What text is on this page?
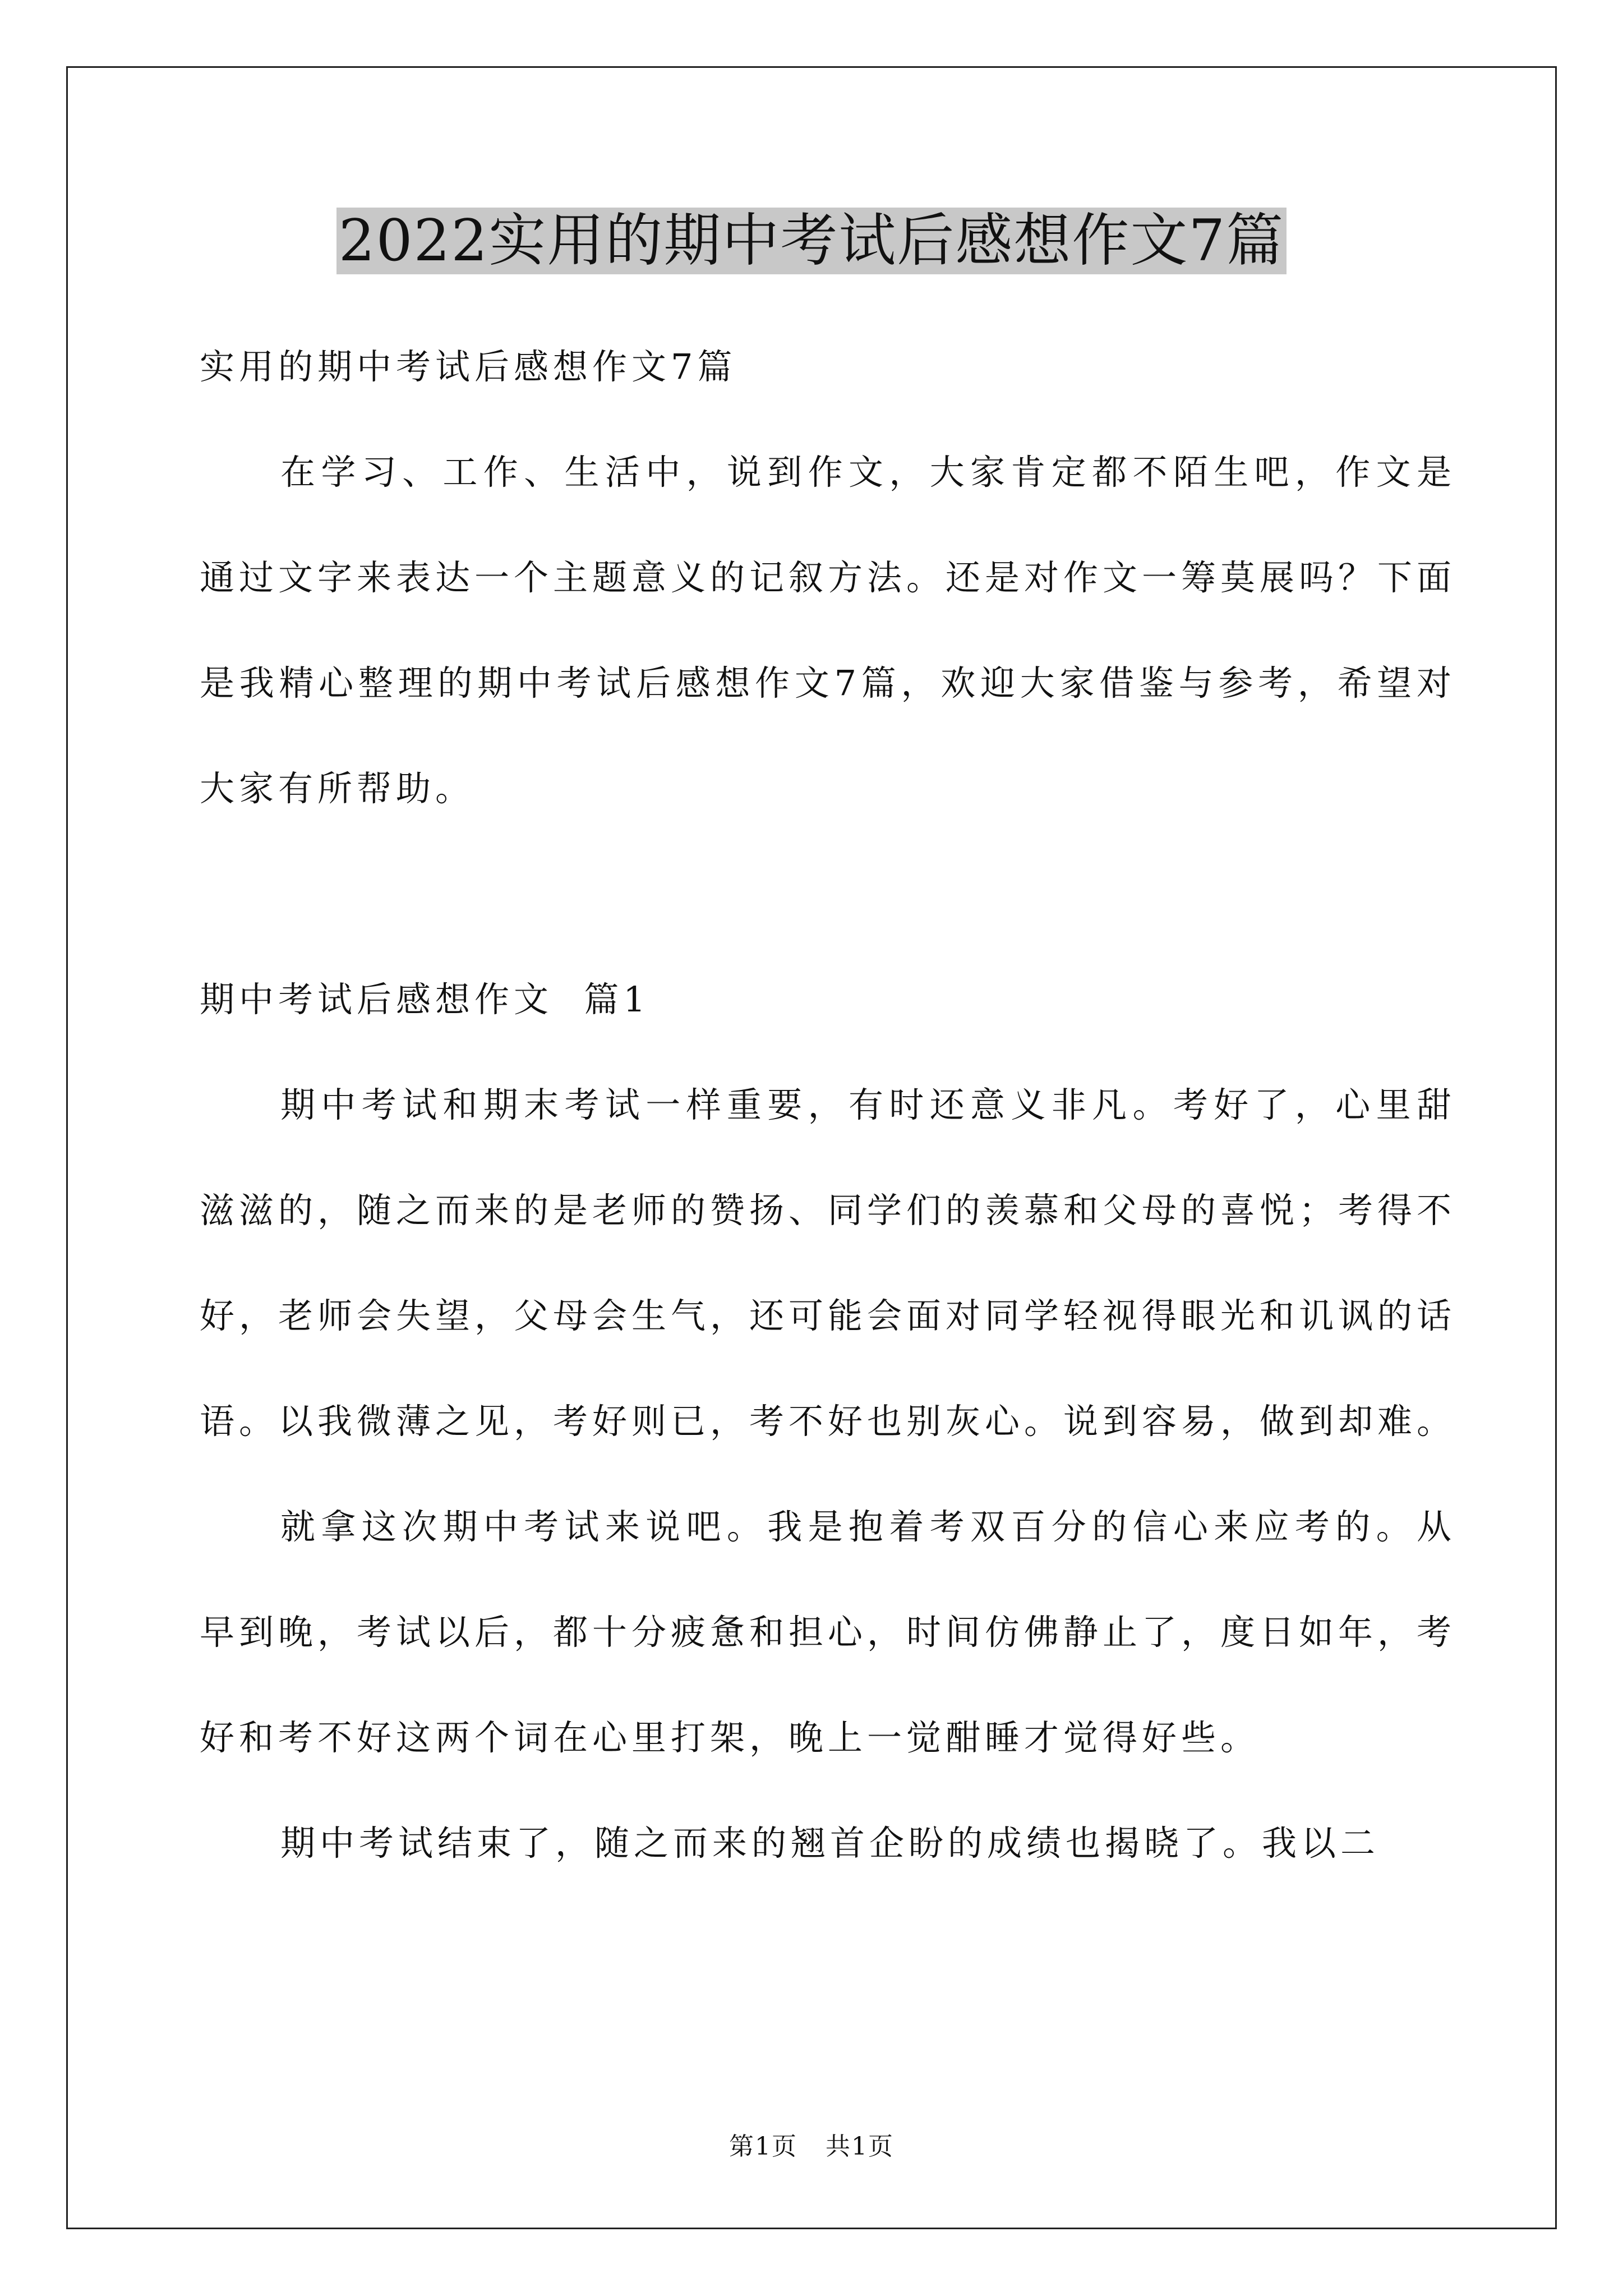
2022实用的期中考试后感想作文7篇

实用的期中考试后感想作文7篇

在学习、工作、生活中，说到作文，大家肯定都不陌生吧，作文是通过文字来表达一个主题意义的记叙方法。还是对作文一筹莫展吗？下面是我精心整理的期中考试后感想作文7篇，欢迎大家借鉴与参考，希望对大家有所帮助。

期中考试后感想作文  篇1

期中考试和期末考试一样重要，有时还意义非凡。考好了，心里甜滋滋的，随之而来的是老师的赞扬、同学们的羡慕和父母的喜悦；考得不好，老师会失望，父母会生气，还可能会面对同学轻视得眼光和讥讽的话语。以我微薄之见，考好则已，考不好也别灰心。说到容易，做到却难。

就拿这次期中考试来说吧。我是抱着考双百分的信心来应考的。从早到晚，考试以后，都十分疲惫和担心，时间仿佛静止了，度日如年，考好和考不好这两个词在心里打架，晚上一觉酣睡才觉得好些。

期中考试结束了，随之而来的翘首企盼的成绩也揭晓了。我以二

第1页 共1页
